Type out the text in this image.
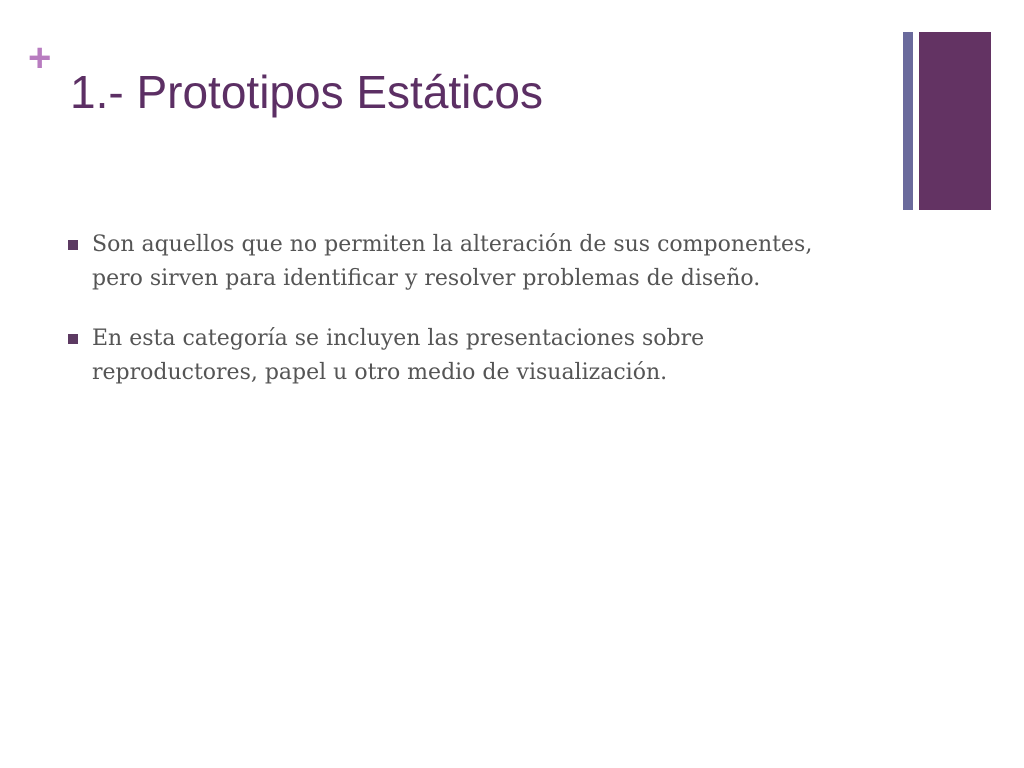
+
1.- Prototipos Estáticos
Son aquellos que no permiten la alteración de sus componentes, pero sirven para identificar y resolver problemas de diseño.
En esta categoría se incluyen las presentaciones sobre reproductores, papel u otro medio de visualización.
